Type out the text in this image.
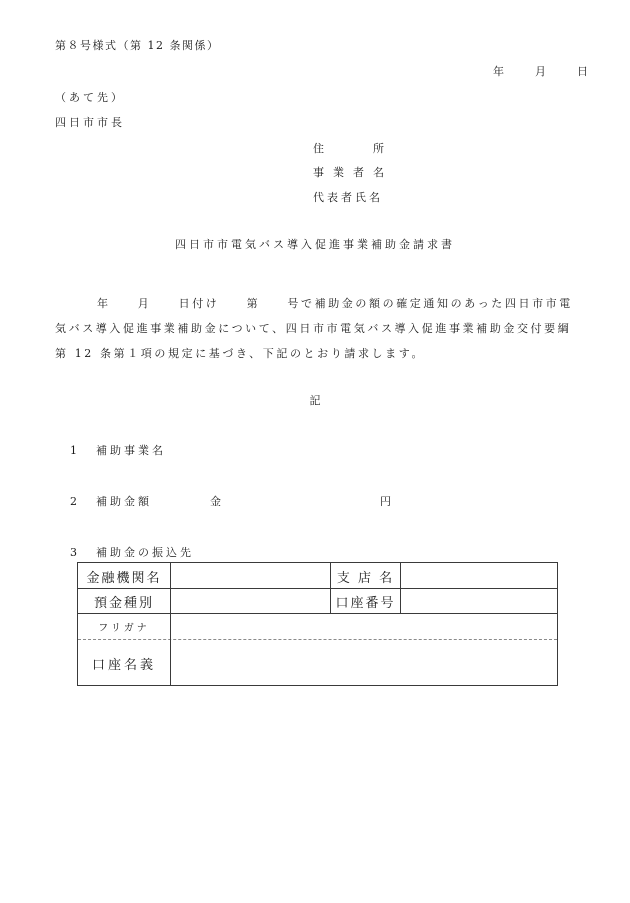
第８号様式（第 12 条関係）
年	月	日
（あて先）
四日市市長
住	所
事業者名
代表者氏名
四日市市電気バス導入促進事業補助金請求書
年　　月　　日付け　　第　　号で補助金の額の確定通知のあった四日市市電
気バス導入促進事業補助金について、四日市市電気バス導入促進事業補助金交付要綱
第 12 条第１項の規定に基づき、下記のとおり請求します。
記
1 補助事業名
2 補助金額	金	円
3 補助金の振込先
金融機関名	支 店 名
預金種別	口座番号
フリガナ
口座名義
